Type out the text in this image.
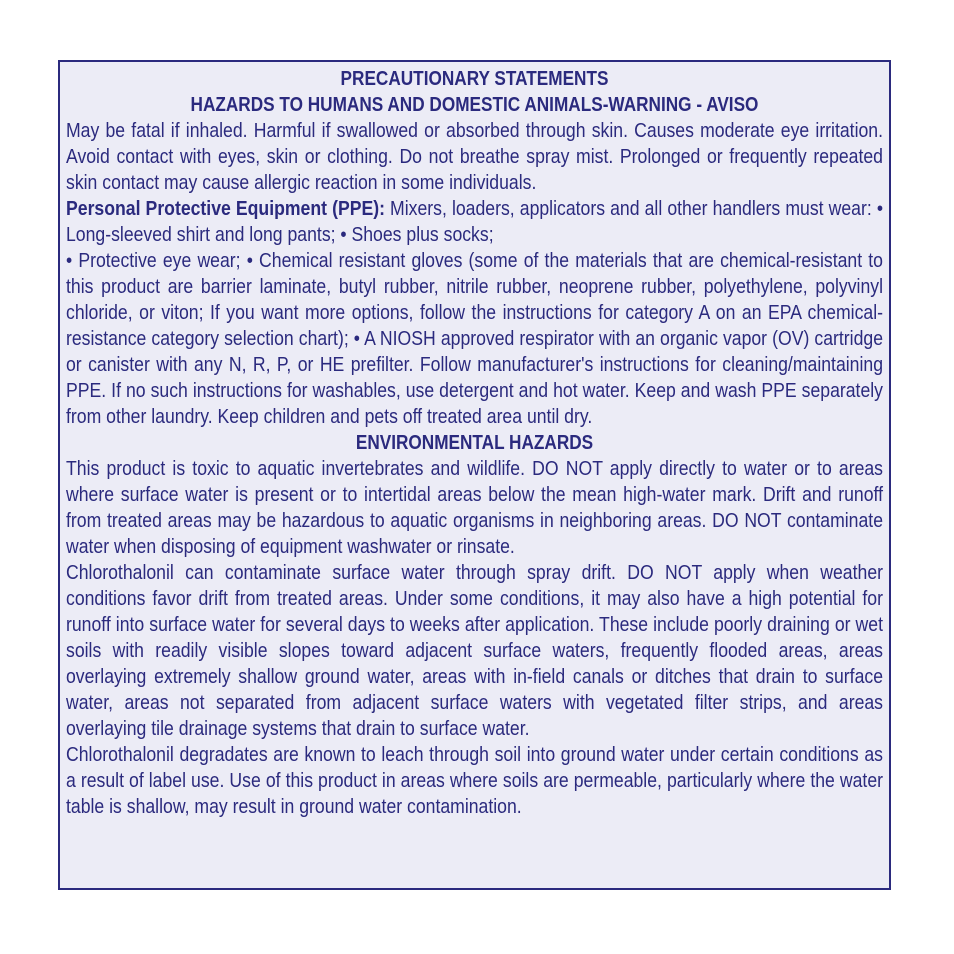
PRECAUTIONARY STATEMENTS
HAZARDS TO HUMANS AND DOMESTIC ANIMALS-WARNING - AVISO

May be fatal if inhaled. Harmful if swallowed or absorbed through skin. Causes moderate eye irritation. Avoid contact with eyes, skin or clothing. Do not breathe spray mist. Prolonged or frequently repeated skin contact may cause allergic reaction in some individuals.

Personal Protective Equipment (PPE): Mixers, loaders, applicators and all other handlers must wear: • Long-sleeved shirt and long pants; • Shoes plus socks;

• Protective eye wear; • Chemical resistant gloves (some of the materials that are chemical-resistant to this product are barrier laminate, butyl rubber, nitrile rubber, neoprene rubber, polyethylene, polyvinyl chloride, or viton; If you want more options, follow the instructions for category A on an EPA chemical-resistance category selection chart); • A NIOSH approved respirator with an organic vapor (OV) cartridge or canister with any N, R, P, or HE prefilter. Follow manufacturer's instructions for cleaning/maintaining PPE. If no such instructions for washables, use detergent and hot water. Keep and wash PPE separately from other laundry. Keep children and pets off treated area until dry.

ENVIRONMENTAL HAZARDS

This product is toxic to aquatic invertebrates and wildlife. DO NOT apply directly to water or to areas where surface water is present or to intertidal areas below the mean high-water mark. Drift and runoff from treated areas may be hazardous to aquatic organisms in neighboring areas. DO NOT contaminate water when disposing of equipment washwater or rinsate.

Chlorothalonil can contaminate surface water through spray drift. DO NOT apply when weather conditions favor drift from treated areas. Under some conditions, it may also have a high potential for runoff into surface water for several days to weeks after application. These include poorly draining or wet soils with readily visible slopes toward adjacent surface waters, frequently flooded areas, areas overlaying extremely shallow ground water, areas with in-field canals or ditches that drain to surface water, areas not separated from adjacent surface waters with vegetated filter strips, and areas overlaying tile drainage systems that drain to surface water.

Chlorothalonil degradates are known to leach through soil into ground water under certain conditions as a result of label use. Use of this product in areas where soils are permeable, particularly where the water table is shallow, may result in ground water contamination.
